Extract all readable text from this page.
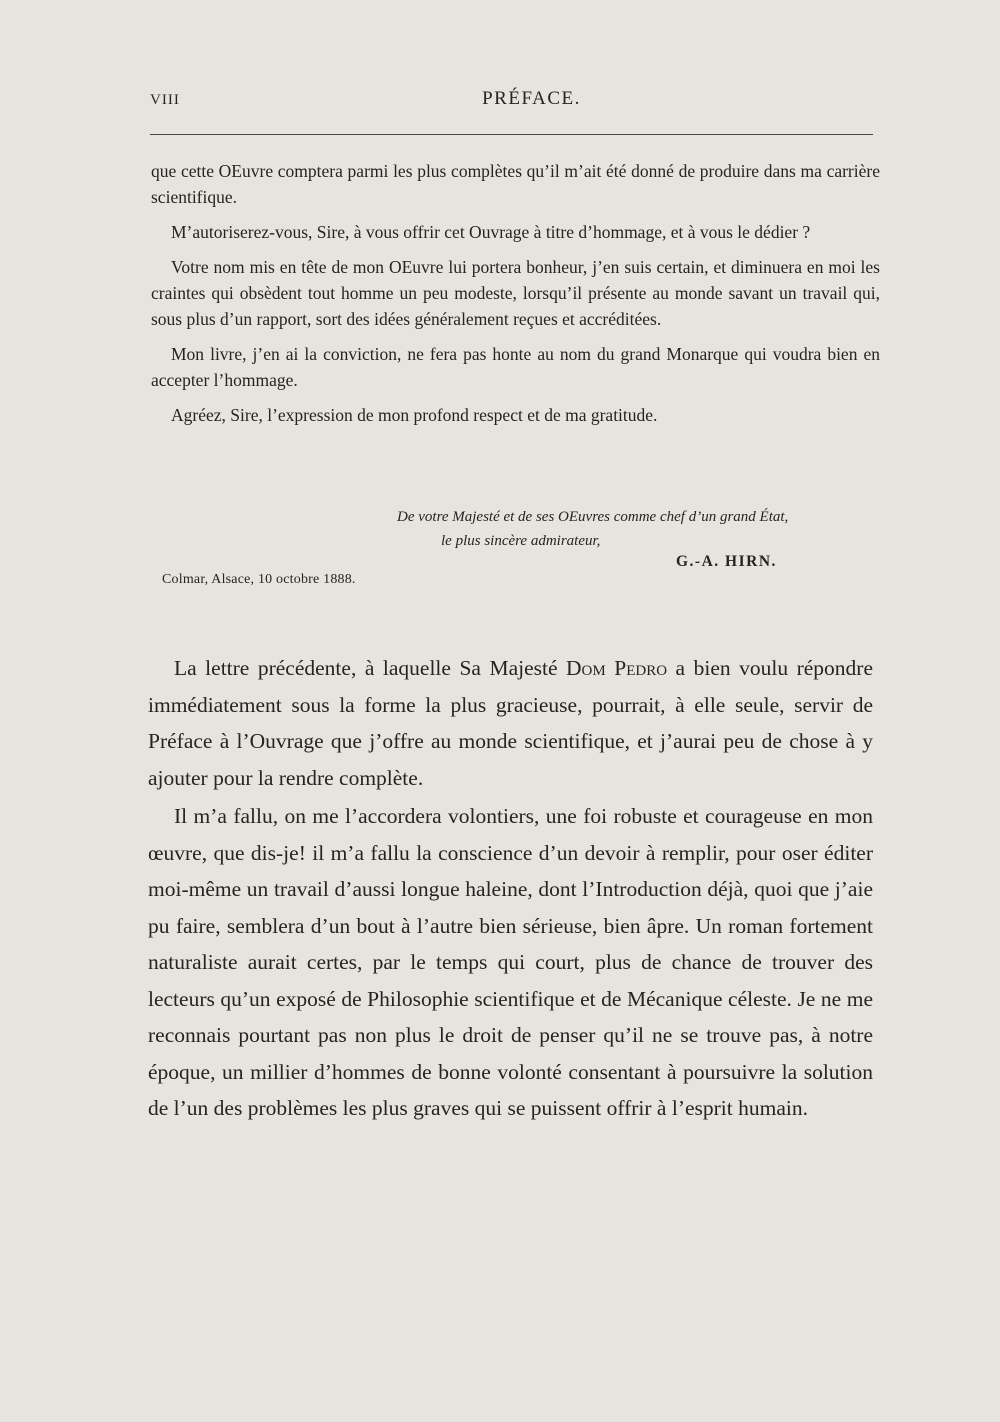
VIII	PRÉFACE.

que cette OEuvre comptera parmi les plus complètes qu’il m’ait été donné de produire dans ma carrière scientifique.

M’autoriserez-vous, Sire, à vous offrir cet Ouvrage à titre d’hommage, et à vous le dédier ?

Votre nom mis en tête de mon OEuvre lui portera bonheur, j’en suis certain, et diminuera en moi les craintes qui obsèdent tout homme un peu modeste, lorsqu’il présente au monde savant un travail qui, sous plus d’un rapport, sort des idées généralement reçues et accréditées.

Mon livre, j’en ai la conviction, ne fera pas honte au nom du grand Monarque qui voudra bien en accepter l’hommage.

Agréez, Sire, l’expression de mon profond respect et de ma gratitude.

De votre Majesté et de ses OEuvres comme chef d’un grand État,
le plus sincère admirateur,
G.-A. HIRN.
Colmar, Alsace, 10 octobre 1888.

La lettre précédente, à laquelle Sa Majesté Dom Pedro a bien voulu répondre immédiatement sous la forme la plus gracieuse, pourrait, à elle seule, servir de Préface à l’Ouvrage que j’offre au monde scientifique, et j’aurai peu de chose à y ajouter pour la rendre complète.

Il m’a fallu, on me l’accordera volontiers, une foi robuste et courageuse en mon œuvre, que dis-je! il m’a fallu la conscience d’un devoir à remplir, pour oser éditer moi-même un travail d’aussi longue haleine, dont l’Introduction déjà, quoi que j’aie pu faire, semblera d’un bout à l’autre bien sérieuse, bien âpre. Un roman fortement naturaliste aurait certes, par le temps qui court, plus de chance de trouver des lecteurs qu’un exposé de Philosophie scientifique et de Mécanique céleste. Je ne me reconnais pourtant pas non plus le droit de penser qu’il ne se trouve pas, à notre époque, un millier d’hommes de bonne volonté consentant à poursuivre la solution de l’un des problèmes les plus graves qui se puissent offrir à l’esprit humain.
